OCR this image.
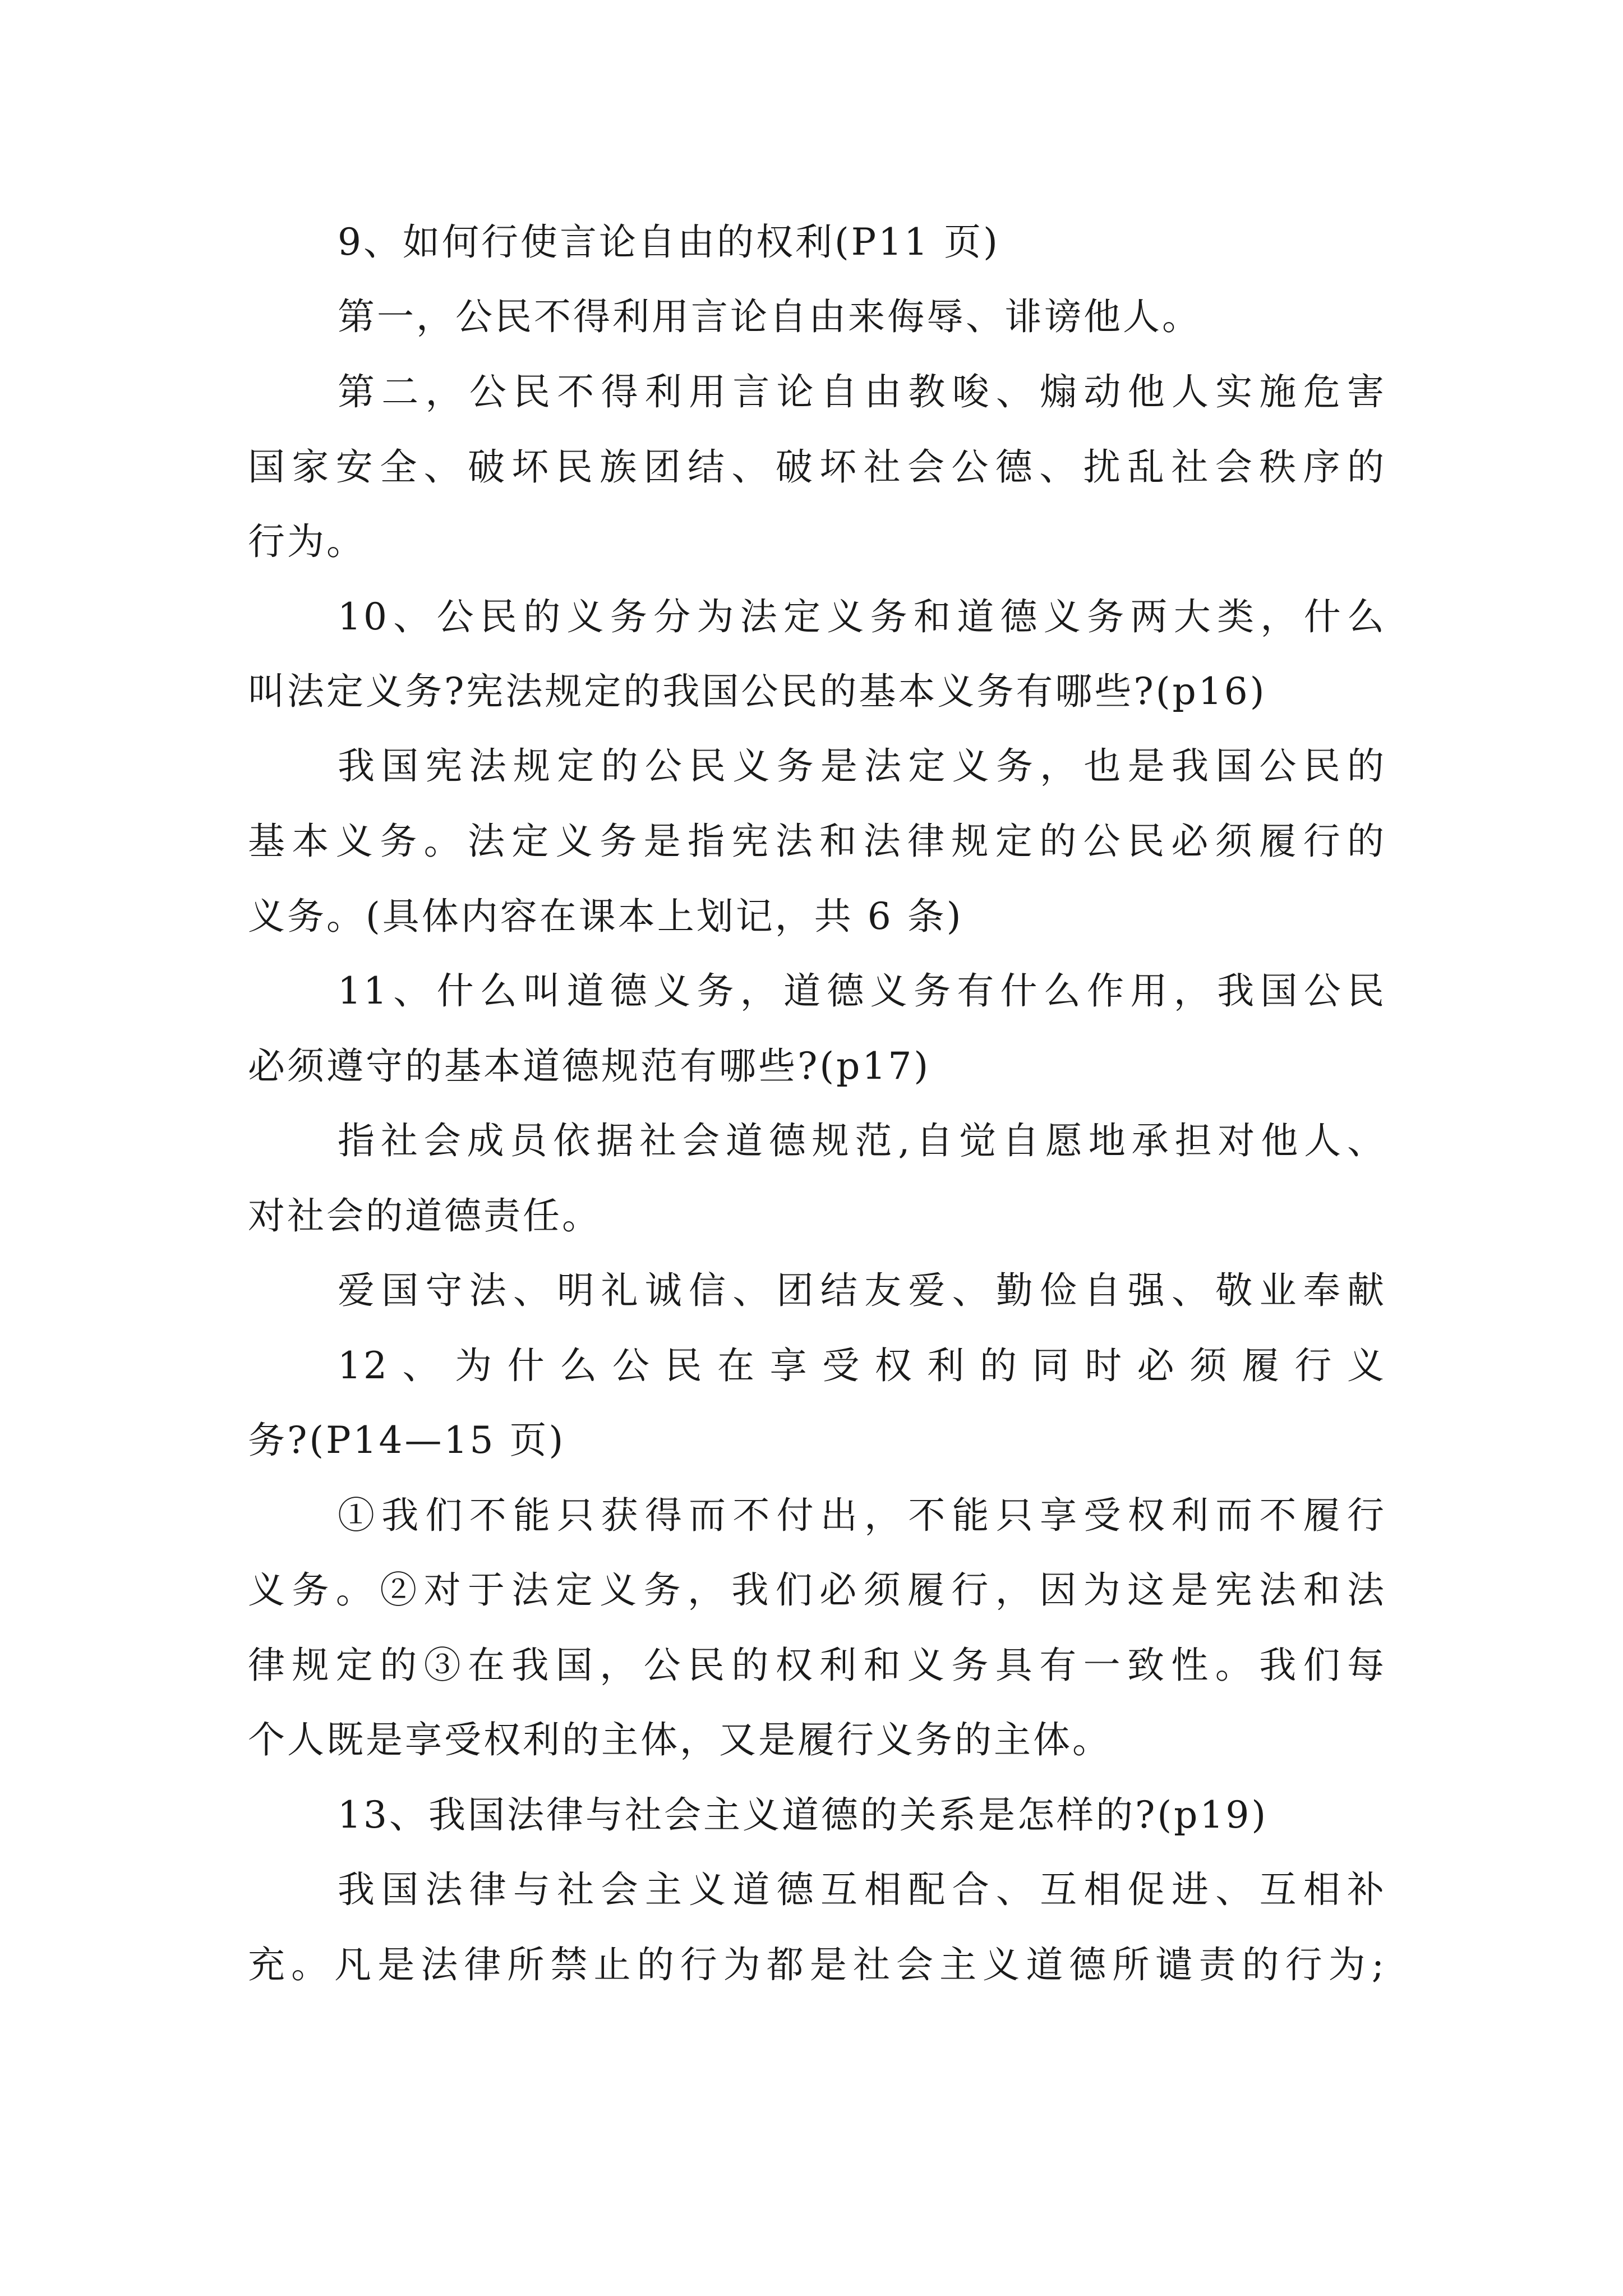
9、如何行使言论自由的权利(P11 页)
第一，公民不得利用言论自由来侮辱、诽谤他人。
第二，公民不得利用言论自由教唆、煽动他人实施危害
国家安全、破坏民族团结、破坏社会公德、扰乱社会秩序的
行为。
10、公民的义务分为法定义务和道德义务两大类，什么
叫法定义务?宪法规定的我国公民的基本义务有哪些?(p16)
我国宪法规定的公民义务是法定义务，也是我国公民的
基本义务。法定义务是指宪法和法律规定的公民必须履行的
义务。(具体内容在课本上划记，共 6 条)
11、什么叫道德义务，道德义务有什么作用，我国公民
必须遵守的基本道德规范有哪些?(p17)
指社会成员依据社会道德规范,自觉自愿地承担对他人、
对社会的道德责任。
爱国守法、明礼诚信、团结友爱、勤俭自强、敬业奉献
12、为什么公民在享受权利的同时必须履行义
务?(P14—15 页)
①我们不能只获得而不付出，不能只享受权利而不履行
义务。②对于法定义务，我们必须履行，因为这是宪法和法
律规定的③在我国，公民的权利和义务具有一致性。我们每
个人既是享受权利的主体，又是履行义务的主体。
13、我国法律与社会主义道德的关系是怎样的?(p19)
我国法律与社会主义道德互相配合、互相促进、互相补
充。凡是法律所禁止的行为都是社会主义道德所谴责的行为;
